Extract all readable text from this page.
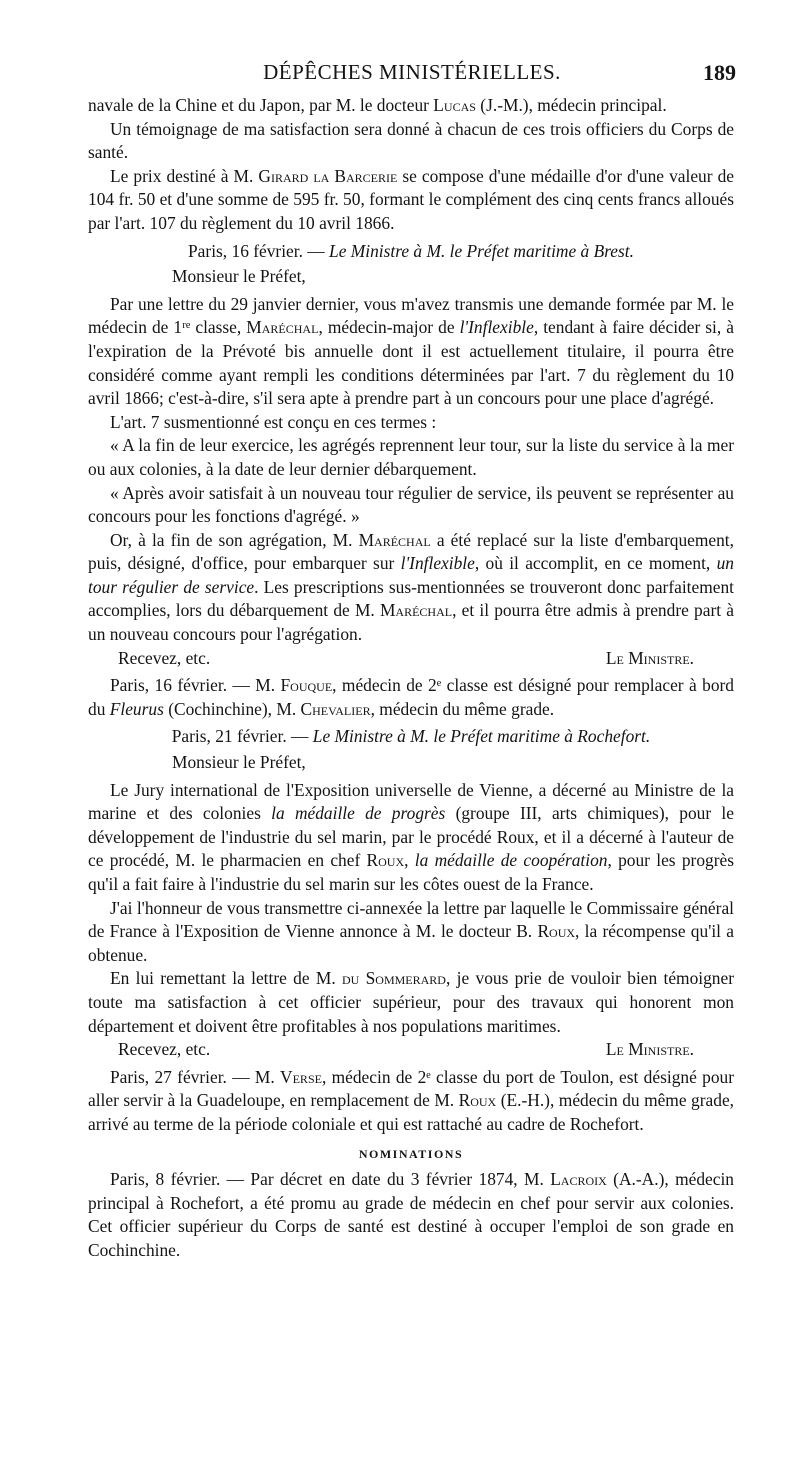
DÉPÊCHES MINISTÉRIELLES.	189

navale de la Chine et du Japon, par M. le docteur Lucas (J.-M.), médecin principal.

Un témoignage de ma satisfaction sera donné à chacun de ces trois officiers du Corps de santé.

Le prix destiné à M. Girard la Barcerie se compose d'une médaille d'or d'une valeur de 104 fr. 50 et d'une somme de 595 fr. 50, formant le complément des cinq cents francs alloués par l'art. 107 du règlement du 10 avril 1866.

Paris, 16 février. — Le Ministre à M. le Préfet maritime à Brest.

Monsieur le Préfet,

Par une lettre du 29 janvier dernier, vous m'avez transmis une demande formée par M. le médecin de 1ʳᵉ classe, Maréchal, médecin-major de l'Inflexible, tendant à faire décider si, à l'expiration de la Prévoté bis annuelle dont il est actuellement titulaire, il pourra être considéré comme ayant rempli les conditions déterminées par l'art. 7 du règlement du 10 avril 1866; c'est-à-dire, s'il sera apte à prendre part à un concours pour une place d'agrégé.

L'art. 7 susmentionné est conçu en ces termes :

« A la fin de leur exercice, les agrégés reprennent leur tour, sur la liste du service à la mer ou aux colonies, à la date de leur dernier débarquement.

« Après avoir satisfait à un nouveau tour régulier de service, ils peuvent se représenter au concours pour les fonctions d'agrégé. »

Or, à la fin de son agrégation, M. Maréchal a été replacé sur la liste d'embarquement, puis, désigné, d'office, pour embarquer sur l'Inflexible, où il accomplit, en ce moment, un tour régulier de service. Les prescriptions sus-mentionnées se trouveront donc parfaitement accomplies, lors du débarquement de M. Maréchal, et il pourra être admis à prendre part à un nouveau concours pour l'agrégation.

Recevez, etc.	Le Ministre.

Paris, 16 février. — M. Fouque, médecin de 2ᵉ classe est désigné pour remplacer à bord du Fleurus (Cochinchine), M. Chevalier, médecin du même grade.

Paris, 21 février. — Le Ministre à M. le Préfet maritime à Rochefort.

Monsieur le Préfet,

Le Jury international de l'Exposition universelle de Vienne, a décerné au Ministre de la marine et des colonies la médaille de progrès (groupe III, arts chimiques), pour le développement de l'industrie du sel marin, par le procédé Roux, et il a décerné à l'auteur de ce procédé, M. le pharmacien en chef Roux, la médaille de coopération, pour les progrès qu'il a fait faire à l'industrie du sel marin sur les côtes ouest de la France.

J'ai l'honneur de vous transmettre ci-annexée la lettre par laquelle le Commissaire général de France à l'Exposition de Vienne annonce à M. le docteur B. Roux, la récompense qu'il a obtenue.

En lui remettant la lettre de M. du Sommerard, je vous prie de vouloir bien témoigner toute ma satisfaction à cet officier supérieur, pour des travaux qui honorent mon département et doivent être profitables à nos populations maritimes.

Recevez, etc.	Le Ministre.

Paris, 27 février. — M. Verse, médecin de 2ᵉ classe du port de Toulon, est désigné pour aller servir à la Guadeloupe, en remplacement de M. Roux (E.-H.), médecin du même grade, arrivé au terme de la période coloniale et qui est rattaché au cadre de Rochefort.

NOMINATIONS

Paris, 8 février. — Par décret en date du 3 février 1874, M. Lacroix (A.-A.), médecin principal à Rochefort, a été promu au grade de médecin en chef pour servir aux colonies. Cet officier supérieur du Corps de santé est destiné à occuper l'emploi de son grade en Cochinchine.
